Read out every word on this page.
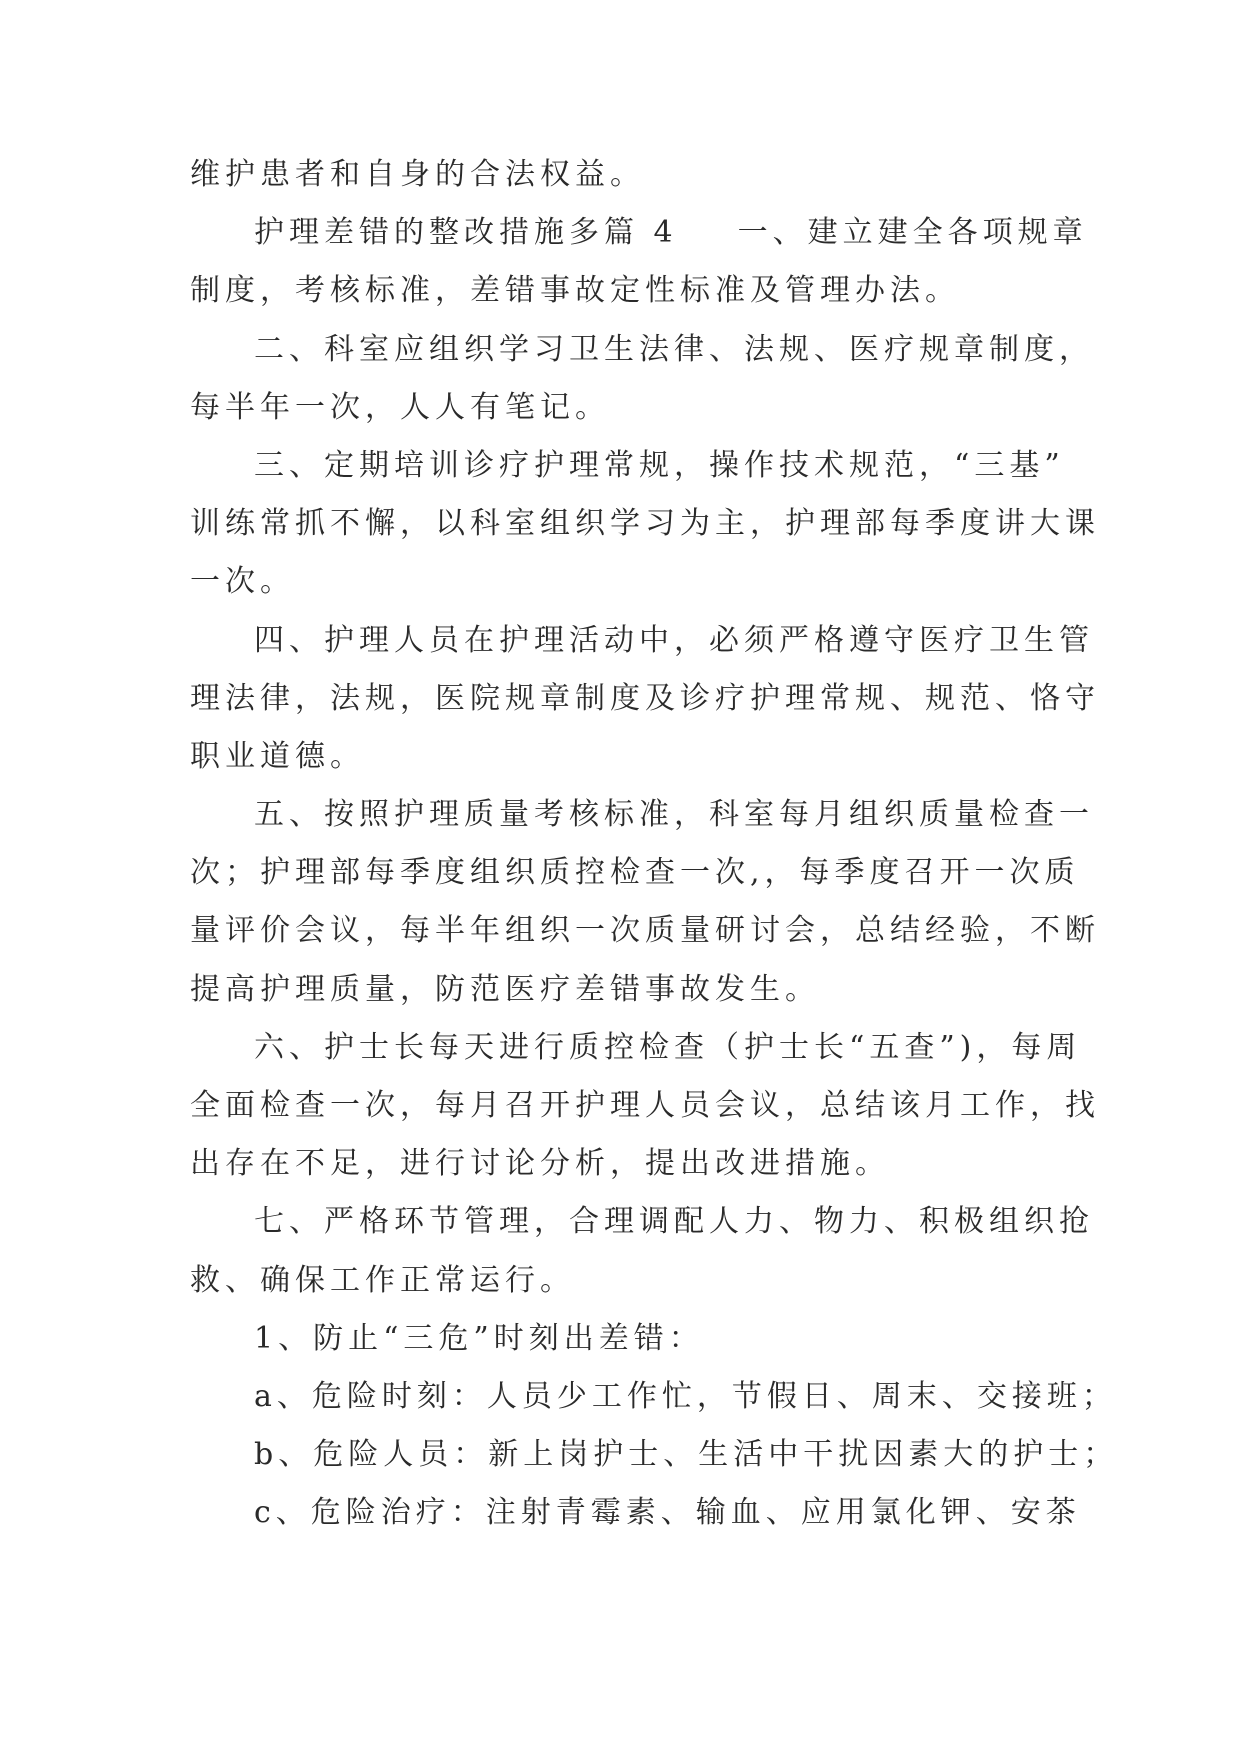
维护患者和自身的合法权益。
护理差错的整改措施多篇 4 一、建立建全各项规章
制度，考核标准，差错事故定性标准及管理办法。
二、科室应组织学习卫生法律、法规、医疗规章制度，
每半年一次，人人有笔记。
三、定期培训诊疗护理常规，操作技术规范，“三基”
训练常抓不懈，以科室组织学习为主，护理部每季度讲大课
一次。
四、护理人员在护理活动中，必须严格遵守医疗卫生管
理法律，法规，医院规章制度及诊疗护理常规、规范、恪守
职业道德。
五、按照护理质量考核标准，科室每月组织质量检查一
次；护理部每季度组织质控检查一次,，每季度召开一次质
量评价会议，每半年组织一次质量研讨会，总结经验，不断
提高护理质量，防范医疗差错事故发生。
六、护士长每天进行质控检查（护士长“五查”)，每周
全面检查一次，每月召开护理人员会议，总结该月工作，找
出存在不足，进行讨论分析，提出改进措施。
七、严格环节管理，合理调配人力、物力、积极组织抢
救、确保工作正常运行。
1、防止“三危”时刻出差错：
a、危险时刻：人员少工作忙，节假日、周末、交接班；
b、危险人员：新上岗护士、生活中干扰因素大的护士；
c、危险治疗：注射青霉素、输血、应用氯化钾、安茶
